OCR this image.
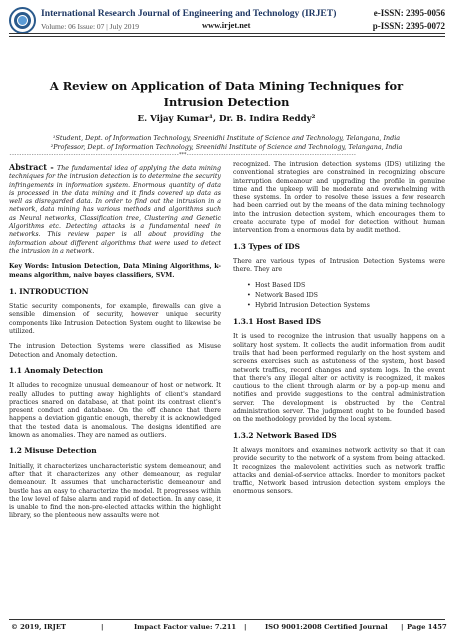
International Research Journal of Engineering and Technology (IRJET)	e-ISSN: 2395-0056
Volume: 06 Issue: 07 | July 2019	www.irjet.net	p-ISSN: 2395-0072
A Review on Application of Data Mining Techniques for Intrusion Detection
E. Vijay Kumar¹, Dr. B. Indira Reddy²
¹Student, Dept. of Information Technology, Sreenidhi Institute of Science and Technology, Telangana, India
²Professor, Dept. of Information Technology, Sreenidhi Institute of Science and Technology, Telangana, India
---------------------------------------------------------------------***---------------------------------------------------------------------
Abstract - The fundamental idea of applying the data mining techniques for the intrusion detection is to determine the security infringements in information system. Enormous quantity of data is processed in the data mining and it finds covered up data as well as disregarded data. In order to find out the intrusion in a network, data mining has various methods and algorithms such as Neural networks, Classification tree, Clustering and Genetic Algorithms etc. Detecting attacks is a fundamental need in networks. This review paper is all about providing the information about different algorithms that were used to detect the intrusion in a network.
Key Words: Intusion Detection, Data Mining Algorithms, k-means algorithm, naive bayes classifiers, SVM.
1. INTRODUCTION
Static security components, for example, firewalls can give a sensible dimension of security, however unique security components like Intrusion Detection System ought to likewise be utilized.
The intrusion Detection Systems were classified as Misuse Detection and Anomaly detection.
1.1 Anomaly Detection
It alludes to recognize unusual demeanour of host or network. It really alludes to putting away highlights of client's standard practices snared on database, at that point its contrast client's present conduct and database. On the off chance that there happens a deviation gigantic enough, thereby it is acknowledged that the tested data is anomalous. The designs identified are known as anomalies. They are named as outliers.
1.2 Misuse Detection
Initially, it characterizes uncharacteristic system demeanour, and after that it characterizes any other demeanour, as regular demeanour. It assumes that uncharacteristic demeanour and bustle has an easy to characterize the model. It progresses within the low level of false alarm and rapid of detection. In any case, it is unable to find the non-pre-elected attacks within the highlight library, so the plenteous new assaults were not
recognized. The intrusion detection systems (IDS) utilizing the conventional strategies are constrained in recognizing obscure interruption demeanour and upgrading the profile in genuine time and the upkeep will be moderate and overwhelming with these systems. In order to resolve these issues a few research had been carried out by the means of the data mining technology into the intrusion detection system, which encourages them to create accurate type of model for detection without human intervention from a enormous data by audit method.
1.3 Types of IDS
There are various types of Intrusion Detection Systems were there. They are
• Host Based IDS
• Network Based IDS
• Hybrid Intrusion Detection Systems
1.3.1 Host Based IDS
It is used to recognize the intrusion that usually happens on a solitary host system. It collects the audit information from audit trails that had been performed regularly on the host system and screens exercises such as astuteness of the system, host based network traffics, record changes and system logs. In the event that there's any illegal alter or activity is recognized, it makes cautious to the client through alarm or by a pop-up menu and notifies and provide suggestions to the central administration server. The development is obstructed by the Central administration server. The judgment ought to be founded based on the methodology provided by the local system.
1.3.2 Network Based IDS
It always monitors and examines network activity so that it can provide security to the network of a system from being attacked. It recognizes the malevolent activities such as network traffic attacks and denial-of-service attacks. Inorder to monitors packet traffic, Network based intrusion detection system employs the enormous sensors.
© 2019, IRJET	|	Impact Factor value: 7.211 |	ISO 9001:2008 Certified Journal | Page 1457
